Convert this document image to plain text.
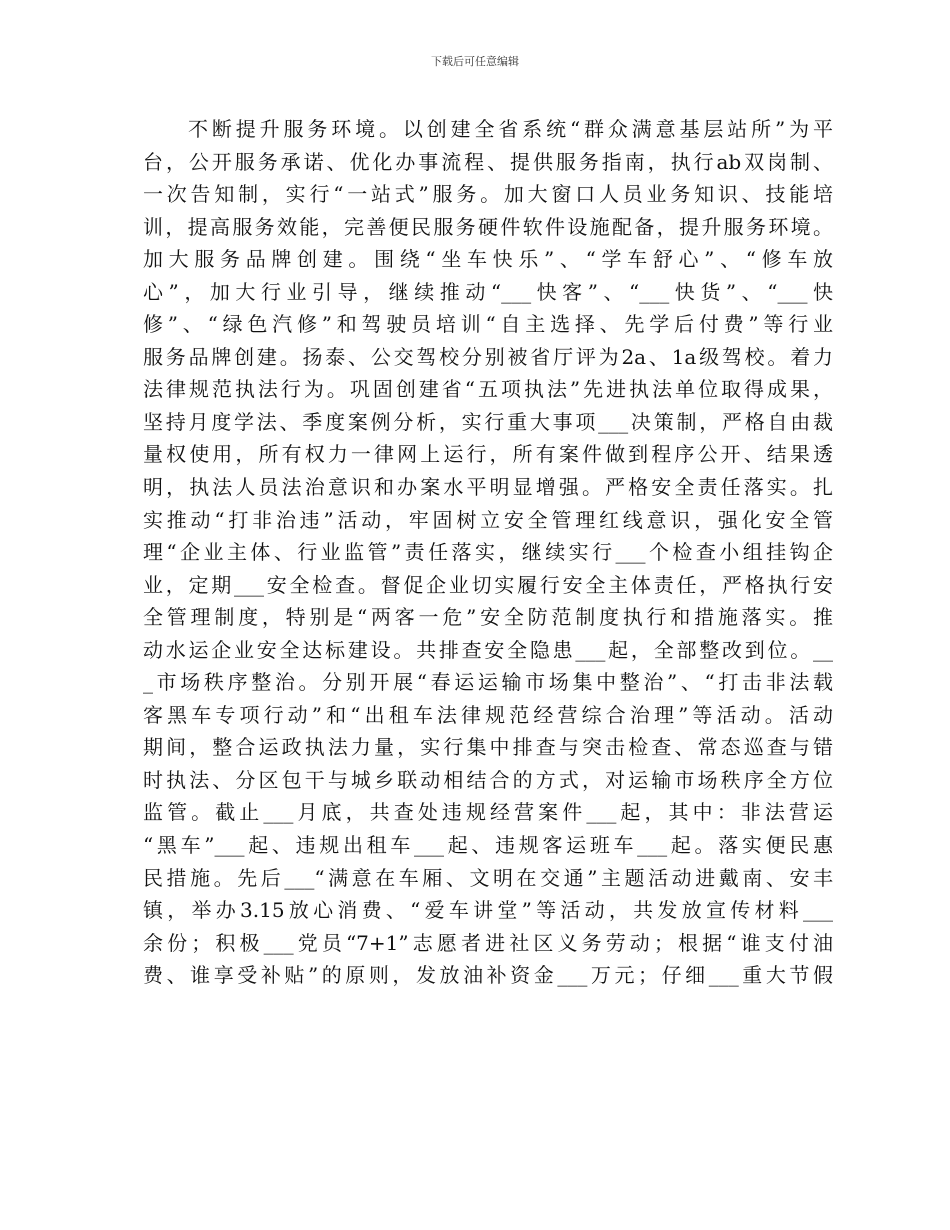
下载后可任意编辑
不断提升服务环境。以创建全省系统“群众满意基层站所”为平
台，公开服务承诺、优化办事流程、提供服务指南，执行ab双岗制、
一次告知制，实行“一站式”服务。加大窗口人员业务知识、技能培
训，提高服务效能，完善便民服务硬件软件设施配备，提升服务环境。
加大服务品牌创建。围绕“坐车快乐”、“学车舒心”、“修车放
心”，加大行业引导，继续推动“___快客”、“___快货”、“___快
修”、“绿色汽修”和驾驶员培训“自主选择、先学后付费”等行业
服务品牌创建。扬泰、公交驾校分别被省厅评为2a、1a级驾校。着力
法律规范执法行为。巩固创建省“五项执法”先进执法单位取得成果，
坚持月度学法、季度案例分析，实行重大事项___决策制，严格自由裁
量权使用，所有权力一律网上运行，所有案件做到程序公开、结果透
明，执法人员法治意识和办案水平明显增强。严格安全责任落实。扎
实推动“打非治违”活动，牢固树立安全管理红线意识，强化安全管
理“企业主体、行业监管”责任落实，继续实行___个检查小组挂钩企
业，定期___安全检查。督促企业切实履行安全主体责任，严格执行安
全管理制度，特别是“两客一危”安全防范制度执行和措施落实。推
动水运企业安全达标建设。共排查安全隐患___起，全部整改到位。__
_市场秩序整治。分别开展“春运运输市场集中整治”、“打击非法载
客黑车专项行动”和“出租车法律规范经营综合治理”等活动。活动
期间，整合运政执法力量，实行集中排查与突击检查、常态巡查与错
时执法、分区包干与城乡联动相结合的方式，对运输市场秩序全方位
监管。截止___月底，共查处违规经营案件___起，其中：非法营运
“黑车”___起、违规出租车___起、违规客运班车___起。落实便民惠
民措施。先后___“满意在车厢、文明在交通”主题活动进戴南、安丰
镇，举办3.15放心消费、“爱车讲堂”等活动，共发放宣传材料___
余份；积极___党员“7+1”志愿者进社区义务劳动；根据“谁支付油
费、谁享受补贴”的原则，发放油补资金___万元；仔细___重大节假
